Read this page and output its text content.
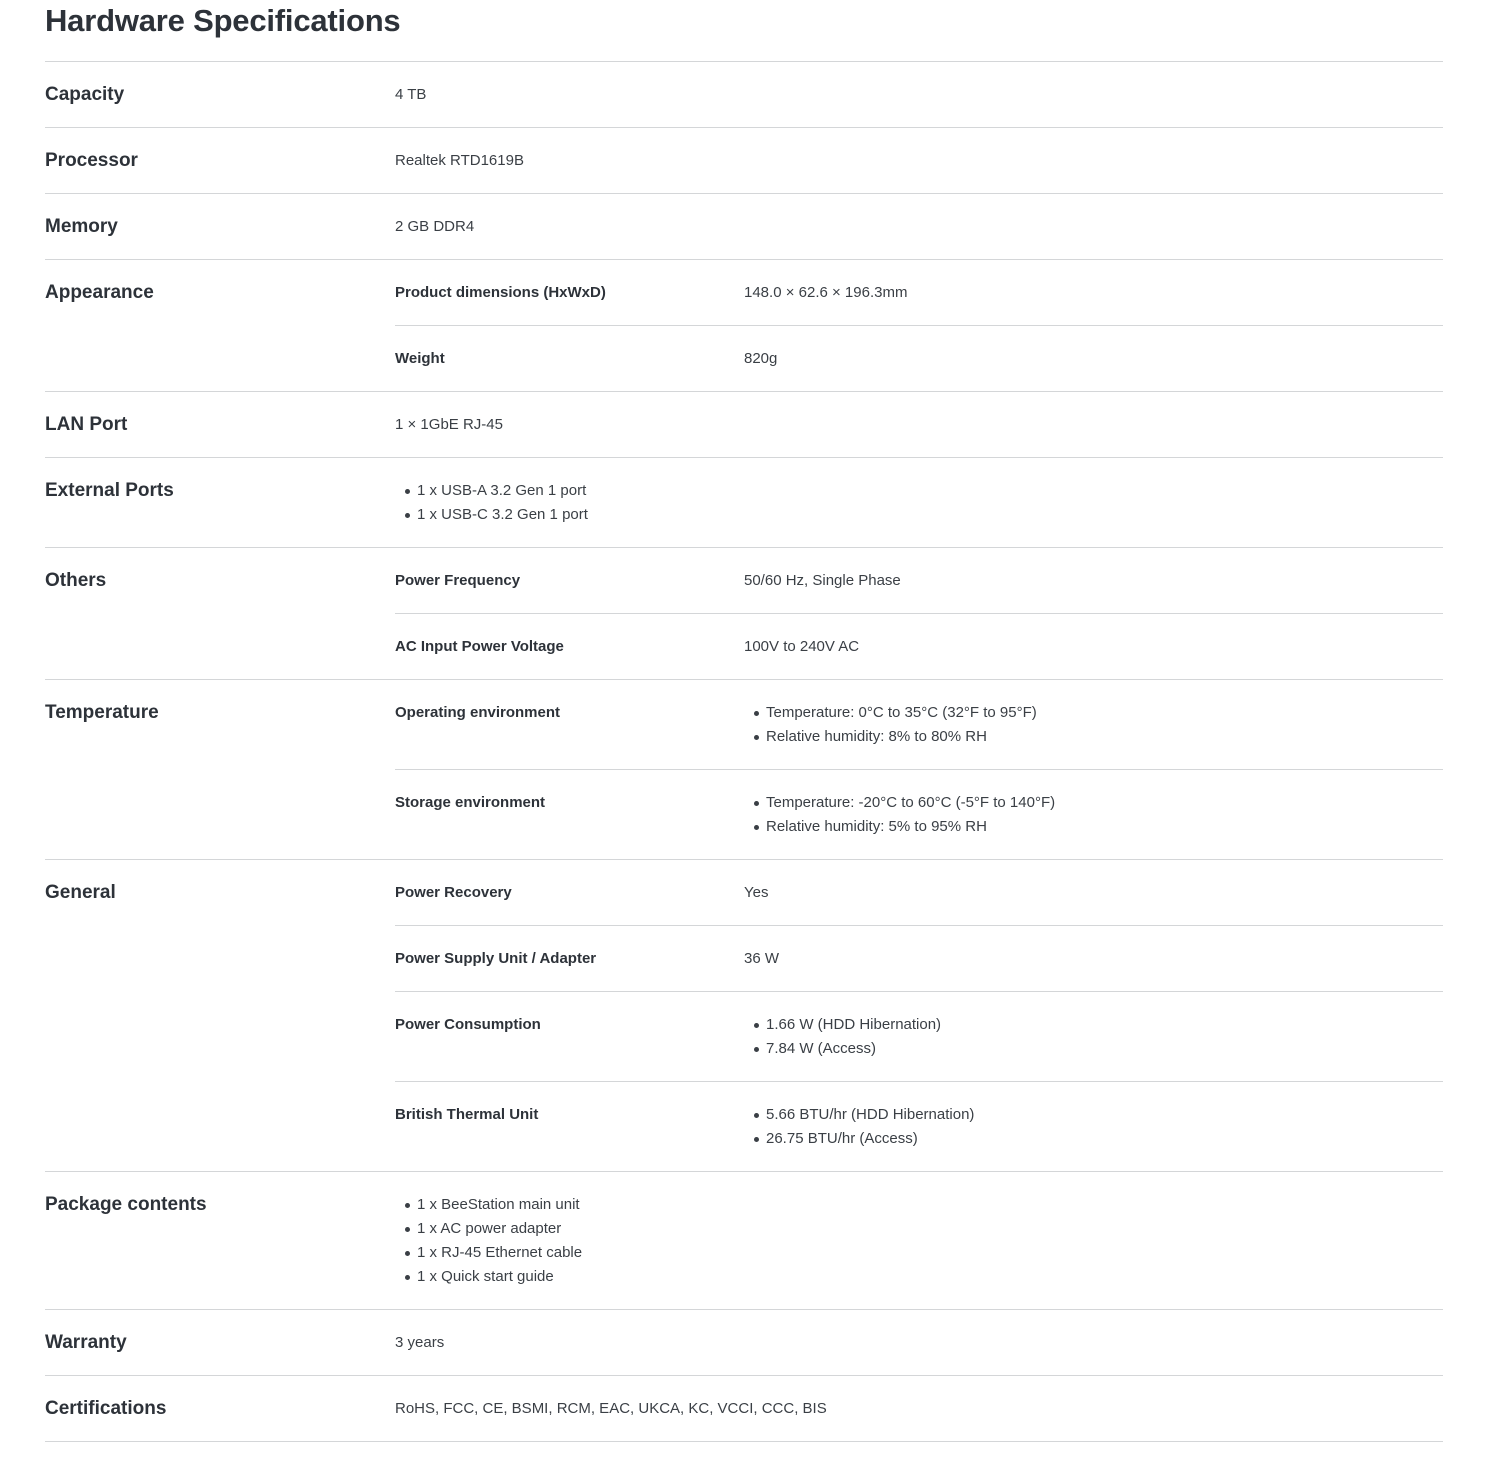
Hardware Specifications
Capacity	4 TB
Processor	Realtek RTD1619B
Memory	2 GB DDR4
Appearance	Product dimensions (HxWxD)	148.0 × 62.6 × 196.3mm
Weight	820g
LAN Port	1 × 1GbE RJ-45
External Ports	1 x USB-A 3.2 Gen 1 port
1 x USB-C 3.2 Gen 1 port
Others	Power Frequency	50/60 Hz, Single Phase
AC Input Power Voltage	100V to 240V AC
Temperature	Operating environment	Temperature: 0°C to 35°C (32°F to 95°F)
Relative humidity: 8% to 80% RH
Storage environment	Temperature: -20°C to 60°C (-5°F to 140°F)
Relative humidity: 5% to 95% RH
General	Power Recovery	Yes
Power Supply Unit / Adapter	36 W
Power Consumption	1.66 W (HDD Hibernation)
7.84 W (Access)
British Thermal Unit	5.66 BTU/hr (HDD Hibernation)
26.75 BTU/hr (Access)
Package contents	1 x BeeStation main unit
1 x AC power adapter
1 x RJ-45 Ethernet cable
1 x Quick start guide
Warranty	3 years
Certifications	RoHS, FCC, CE, BSMI, RCM, EAC, UKCA, KC, VCCI, CCC, BIS
